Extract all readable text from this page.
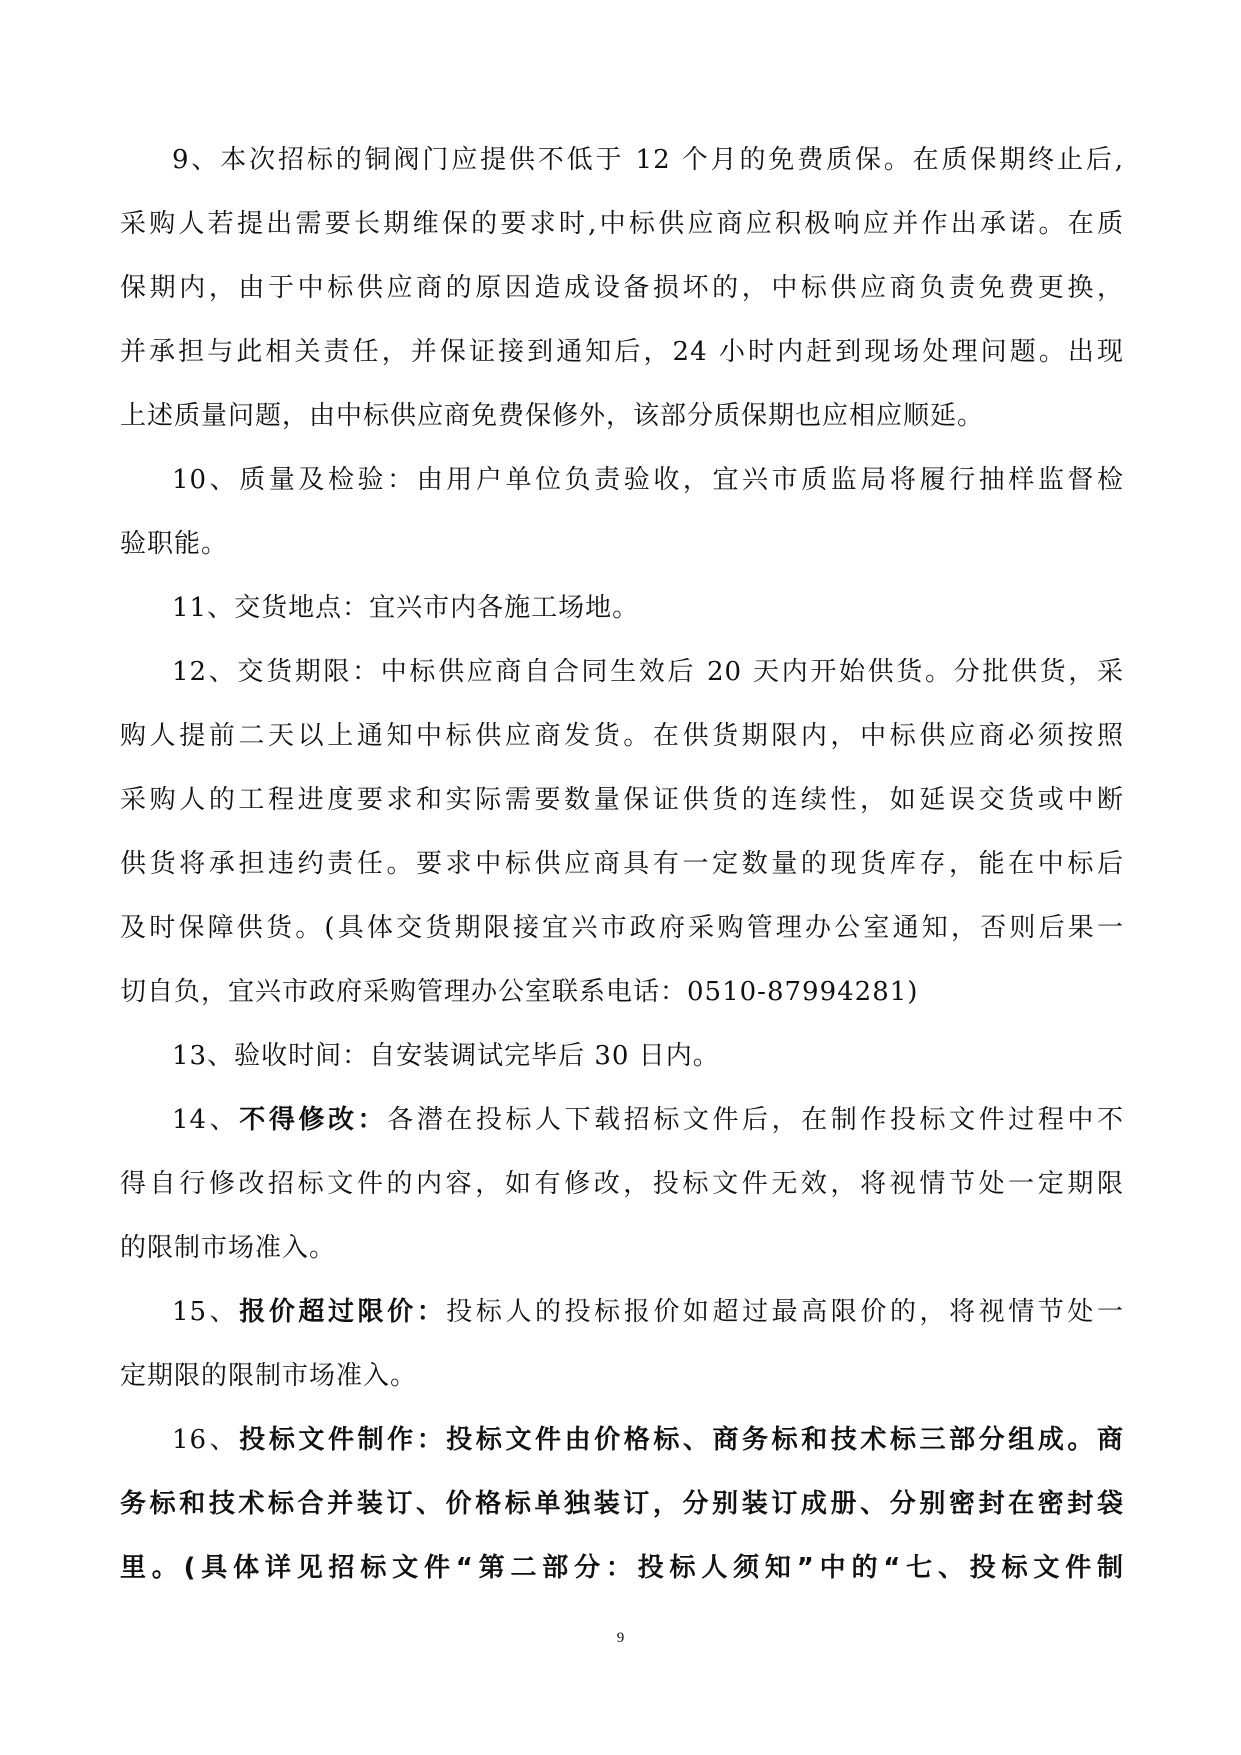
9、本次招标的铜阀门应提供不低于 12 个月的免费质保。在质保期终止后,
采购人若提出需要长期维保的要求时,中标供应商应积极响应并作出承诺。在质
保期内，由于中标供应商的原因造成设备损坏的，中标供应商负责免费更换，
并承担与此相关责任，并保证接到通知后，24 小时内赶到现场处理问题。出现
上述质量问题，由中标供应商免费保修外，该部分质保期也应相应顺延。
10、质量及检验：由用户单位负责验收，宜兴市质监局将履行抽样监督检
验职能。
11、交货地点：宜兴市内各施工场地。
12、交货期限：中标供应商自合同生效后 20 天内开始供货。分批供货，采
购人提前二天以上通知中标供应商发货。在供货期限内，中标供应商必须按照
采购人的工程进度要求和实际需要数量保证供货的连续性，如延误交货或中断
供货将承担违约责任。要求中标供应商具有一定数量的现货库存，能在中标后
及时保障供货。(具体交货期限接宜兴市政府采购管理办公室通知，否则后果一
切自负，宜兴市政府采购管理办公室联系电话：0510-87994281)
13、验收时间：自安装调试完毕后 30 日内。
14、不得修改：各潜在投标人下载招标文件后，在制作投标文件过程中不
得自行修改招标文件的内容，如有修改，投标文件无效，将视情节处一定期限
的限制市场准入。
15、报价超过限价：投标人的投标报价如超过最高限价的，将视情节处一
定期限的限制市场准入。
16、投标文件制作：投标文件由价格标、商务标和技术标三部分组成。商
务标和技术标合并装订、价格标单独装订，分别装订成册、分别密封在密封袋
里。(具体详见招标文件“第二部分：投标人须知”中的“七、投标文件制
9
